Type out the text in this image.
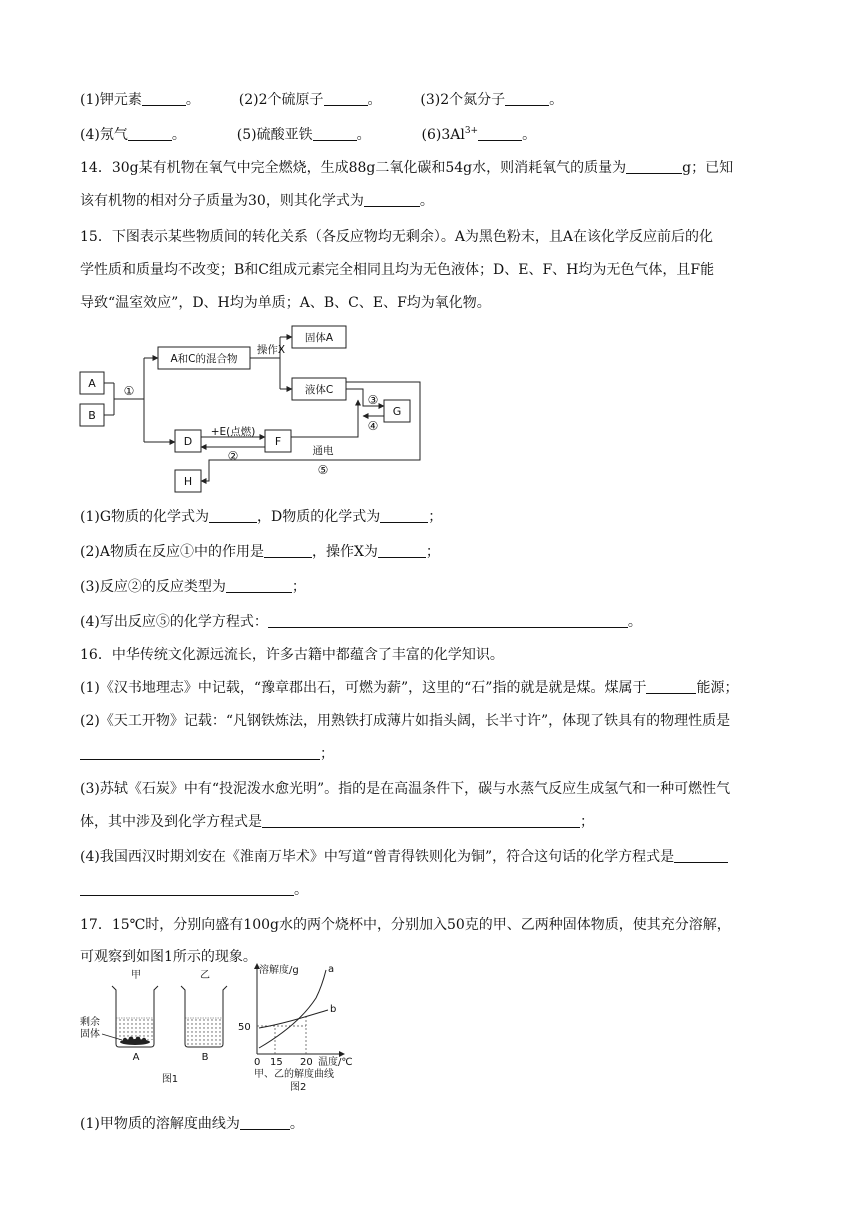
(1)钾元素	。	(2)2个硫原子	。	(3)2个氮分子	。
(4)氖气	。	(5)硫酸亚铁	。	$(6)3Al^{3+}$	。
14．30g某有机物在氧气中完全燃烧，生成88g二氧化碳和54g水，则消耗氧气的质量为	g；已知
该有机物的相对分子质量为30，则其化学式为	。
15．下图表示某些物质间的转化关系（各反应物均无剩余）。A为黑色粉末，且A在该化学反应前后的化
学性质和质量均不改变；B和C组成元素完全相同且均为无色液体；D、E、F、H均为无色气体，且F能
导致“温室效应”，D、H均为单质；A、B、C、E、F均为氧化物。
A
B
A和C的混合物
操作X
固体A
液体C
G
D	F
H
+E(点燃)
通电
①
②
③
④
⑤
(1)G物质的化学式为	，D物质的化学式为	；
(2)A物质在反应①中的作用是	，操作X为	；
(3)反应②的反应类型为	；
(4)写出反应⑤的化学方程式：	。
16．中华传统文化源远流长，许多古籍中都蕴含了丰富的化学知识。
(1)《汉书地理志》中记载，“豫章郡出石，可燃为薪”，这里的“石”指的就是就是煤。煤属于	能源；
(2)《天工开物》记载：“凡钢铁炼法，用熟铁打成薄片如指头阔，长半寸许”，体现了铁具有的物理性质是
；
(3)苏轼《石炭》中有“投泥泼水愈光明”。指的是在高温条件下，碳与水蒸气反应生成氢气和一种可燃性气
体，其中涉及到化学方程式是	；
(4)我国西汉时期刘安在《淮南万毕术》中写道“曾青得铁则化为铜”，符合这句话的化学方程式是
。
17．15℃时，分别向盛有100g水的两个烧杯中，分别加入50克的甲、乙两种固体物质，使其充分溶解，
可观察到如图1所示的现象。
甲
A
剩余
固体
乙
B
图1
溶解度/g
50
a
b
0 15 20 温度/℃
甲、乙的解度曲线
图2
(1)甲物质的溶解度曲线为	。
